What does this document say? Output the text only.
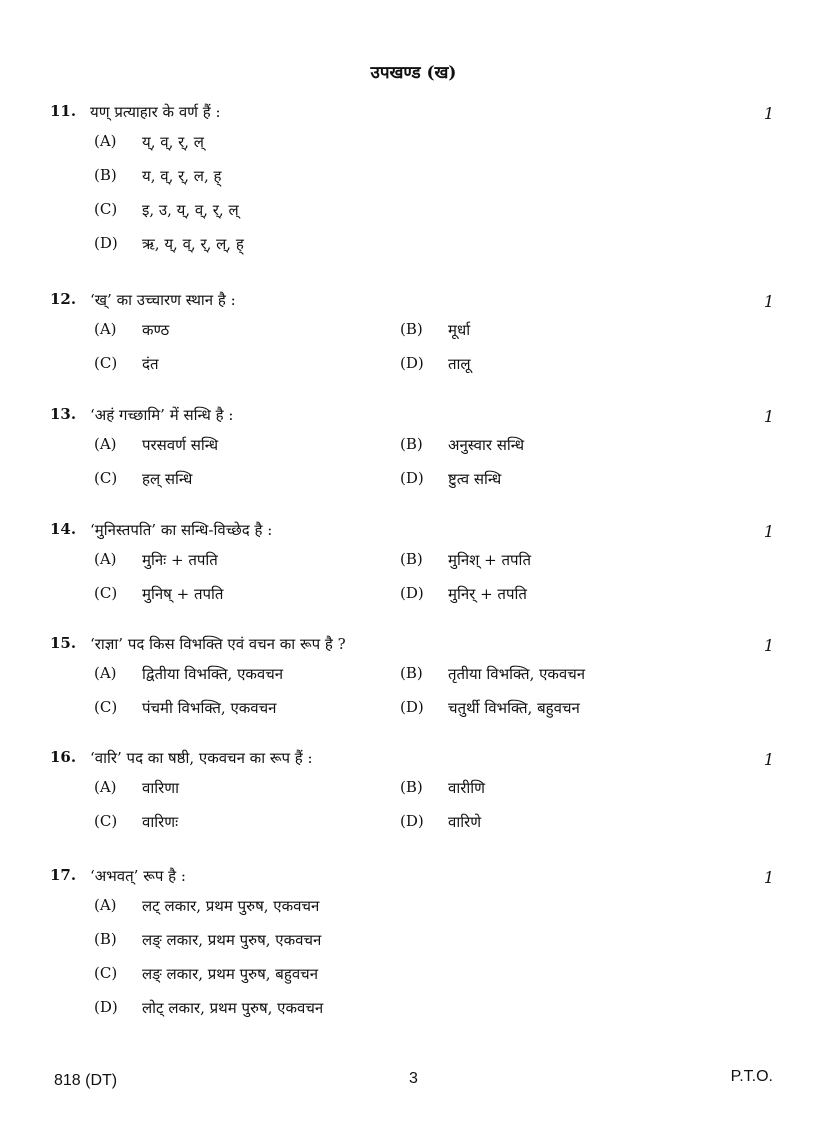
उपखण्ड (ख)
11. यण् प्रत्याहार के वर्ण हैं :	1
(A) य्, व्, र्, ल्
(B) य, व्, र्, ल, ह्
(C) इ, उ, य्, व्, र्, ल्
(D) ऋ, य्, व्, र्, ल्, ह्
12. ‘ख्’ का उच्चारण स्थान है :	1
(A) कण्ठ	(B) मूर्धा
(C) दंत	(D) तालू
13. ‘अहं गच्छामि’ में सन्धि है :	1
(A) परसवर्ण सन्धि	(B) अनुस्वार सन्धि
(C) हल् सन्धि	(D) ष्टुत्व सन्धि
14. ‘मुनिस्तपति’ का सन्धि-विच्छेद है :	1
(A) मुनिः + तपति	(B) मुनिश् + तपति
(C) मुनिष् + तपति	(D) मुनिर् + तपति
15. ‘राज्ञा’ पद किस विभक्ति एवं वचन का रूप है ?	1
(A) द्वितीया विभक्ति, एकवचन	(B) तृतीया विभक्ति, एकवचन
(C) पंचमी विभक्ति, एकवचन	(D) चतुर्थी विभक्ति, बहुवचन
16. ‘वारि’ पद का षष्ठी, एकवचन का रूप हैं :	1
(A) वारिणा	(B) वारीणि
(C) वारिणः	(D) वारिणे
17. ‘अभवत्’ रूप है :	1
(A) लट् लकार, प्रथम पुरुष, एकवचन
(B) लङ् लकार, प्रथम पुरुष, एकवचन
(C) लङ् लकार, प्रथम पुरुष, बहुवचन
(D) लोट् लकार, प्रथम पुरुष, एकवचन
818 (DT)	3	P.T.O.
